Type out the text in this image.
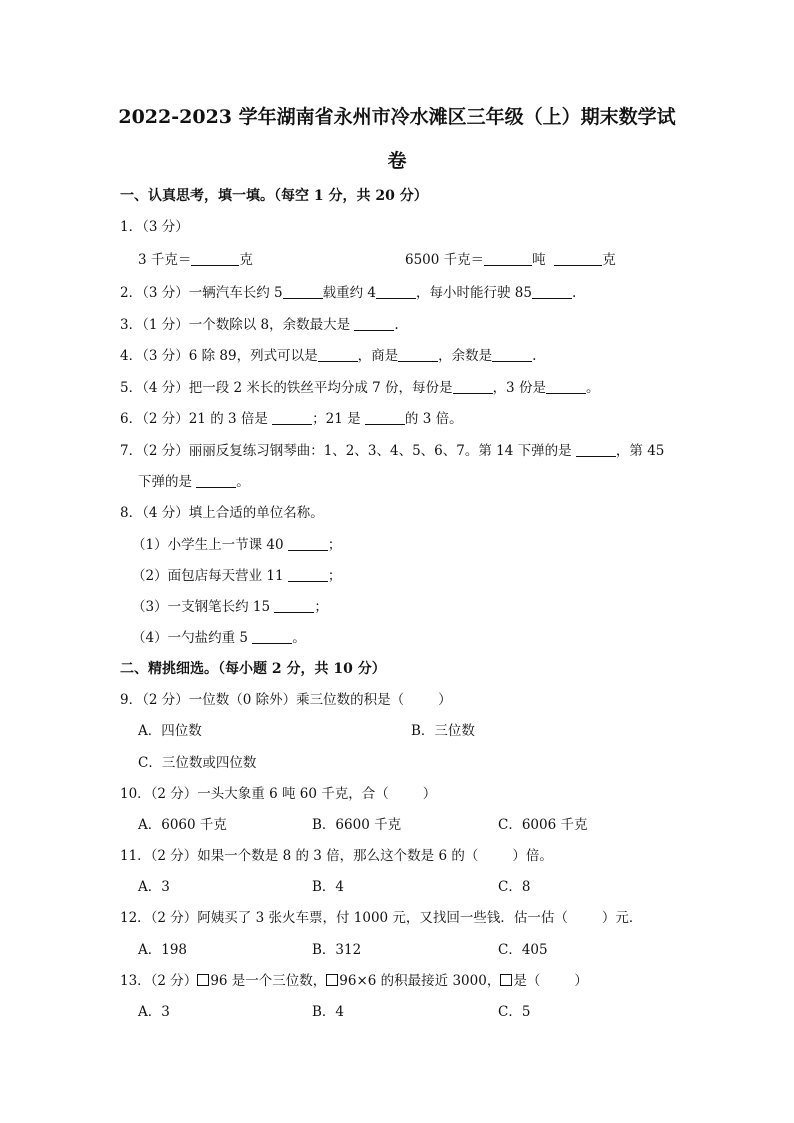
2022-2023 学年湖南省永州市冷水滩区三年级（上）期末数学试
卷
一、认真思考，填一填。（每空 1 分，共 20 分）
1．（3 分）
3 千克＝	克	6500 千克＝	吨	克
2．（3 分）一辆汽车长约 5	载重约 4	，每小时能行驶 85	.
3．（1 分）一个数除以 8，余数最大是	.
4．（3 分）6 除 89，列式可以是	，商是	，余数是	.
5．（4 分）把一段 2 米长的铁丝平均分成 7 份，每份是	，3 份是	。
6．（2 分）21 的 3 倍是	；21 是	的 3 倍。
7．（2 分）丽丽反复练习钢琴曲：1、2、3、4、5、6、7。第 14 下弹的是	，第 45
下弹的是	。
8．（4 分）填上合适的单位名称。
（1）小学生上一节课 40	；
（2）面包店每天营业 11	；
（3）一支钢笔长约 15	；
（4）一勺盐约重 5	。
二、精挑细选。（每小题 2 分，共 10 分）
9．（2 分）一位数（0 除外）乘三位数的积是（	）
A．四位数	B．三位数
C．三位数或四位数
10．（2 分）一头大象重 6 吨 60 千克，合（	）
A．6060 千克	B．6600 千克	C．6006 千克
11．（2 分）如果一个数是 8 的 3 倍，那么这个数是 6 的（	）倍。
A．3	B．4	C．8
12．（2 分）阿姨买了 3 张火车票，付 1000 元，又找回一些钱．估一估（	）元．
A．198	B．312	C．405
13．（2 分） 96 是一个三位数， 96×6 的积最接近 3000， 是（	）
A．3	B．4	C．5
